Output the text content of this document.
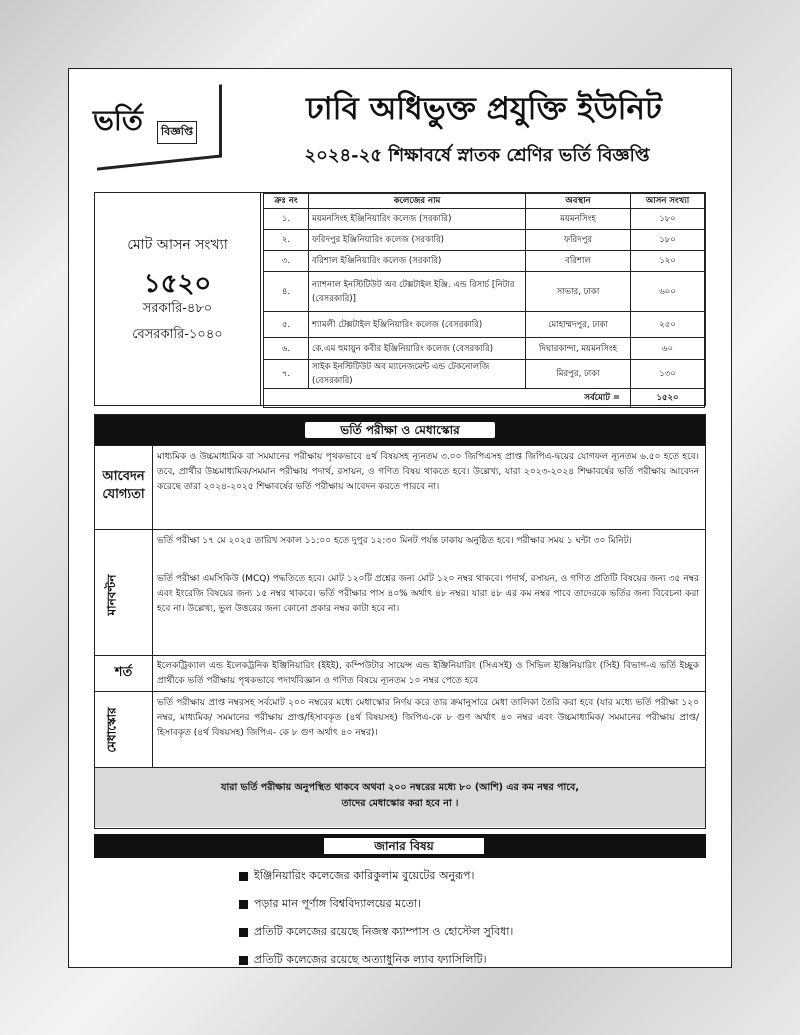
ভর্তি	বিজ্ঞপ্তি
ঢাবি অধিভুক্ত প্রযুক্তি ইউনিট
২০২৪-২৫ শিক্ষাবর্ষে স্নাতক শ্রেণির ভর্তি বিজ্ঞপ্তি
মোট আসন সংখ্যা
১৫২০
সরকারি-৪৮০
বেসরকারি-১০৪০
ক্রঃ নং	কলেজের নাম	অবস্থান	আসন সংখ্যা
১.	ময়মনসিংহ ইঞ্জিনিয়ারিং কলেজ (সরকারি)	ময়মনসিংহ	১৮০
২.	ফরিদপুর ইঞ্জিনিয়ারিং কলেজ (সরকারি)	ফরিদপুর	১৮০
৩.	বরিশাল ইঞ্জিনিয়ারিং কলেজ (সরকারি)	বরিশাল	১২০
৪.	ন্যাশনাল ইনস্টিটিউট অব টেক্সটাইল ইঞ্জি. এন্ড রিসার্চ [নিটার (বেসরকারি)]	সাভার, ঢাকা	৬০০
৫.	শ্যামলী টেক্সটাইল ইঞ্জিনিয়ারিং কলেজ (বেসরকারি)	মোহাম্মদপুর, ঢাকা	২৫০
৬.	কে.এম হুমায়ুন কবীর ইঞ্জিনিয়ারিং কলেজ (বেসরকারি)	দিঘারকান্দা, ময়মনসিংহ	৬০
৭.	সাইক ইনস্টিটিউট অব ম্যানেজমেন্ট এন্ড টেকনোলজি (বেসরকারি)	মিরপুর, ঢাকা	১৩০
সর্বমোট =			১৫২০
ভর্তি পরীক্ষা ও মেধাস্কোর
আবেদন যোগ্যতা
মাধ্যমিক ও উচ্চমাধ্যমিক বা সমমানের পরীক্ষায় পৃথকভাবে ৪র্থ বিষয়সহ ন্যূনতম ৩.০০ জিপিএসহ প্রাপ্ত জিপিএ-দ্বয়ের যোগফল ন্যূনতম ৬.৫০ হতে হবে। তবে, প্রার্থীর উচ্চমাধ্যমিক/সমমান পরীক্ষায় পদার্থ, রসায়ন, ও গণিত বিষয় থাকতে হবে। উল্লেখ্য, যারা ২০২৩-২০২৪ শিক্ষাবর্ষের ভর্তি পরীক্ষায় আবেদন করেছে তারা ২০২৪-২০২৫ শিক্ষাবর্ষের ভর্তি পরীক্ষায় আবেদন করতে পারবে না।
মানবণ্টন
ভর্তি পরীক্ষা ১৭ মে ২০২৫ তারিখ সকাল ১১:০০ হতে দুপুর ১২:৩০ মিনট পর্যন্ত ঢাকায় অনুষ্ঠিত হবে। পরীক্ষার সময় ১ ঘন্টা ৩০ মিনিট।
ভর্তি পরীক্ষা এমসিকিউ (MCQ) পদ্ধতিতে হবে। মোট ১২০টি প্রশ্নের জন্য মোট ১২০ নম্বর থাকবে। পদার্থ, রসায়ন, ও গণিত প্রতিটি বিষয়ের জন্য ৩৫ নম্বর এবং ইংরেজি বিষয়ের জন্য ১৫ নম্বর থাকবে। ভর্তি পরীক্ষার পাস ৪০% অর্থাৎ ৪৮ নম্বর। যারা ৪৮ এর কম নম্বর পাবে তাদেরকে ভর্তির জন্য বিবেচনা করা হবে না। উল্লেখ্য, ভুল উত্তরের জন্য কোনো প্রকার নম্বর কাটা হবে না।
শর্ত	ইলেকট্রিক্যাল এন্ড ইলেকট্রনিক ইঞ্জিনিয়ারিং (ইইই), কম্পিউটার সায়েন্স এন্ড ইঞ্জিনিয়ারিং (সিএসই) ও সিভিল ইঞ্জিনিয়ারিং (সিই) বিভাগ-এ ভর্তি ইচ্ছুক প্রার্থীকে ভর্তি পরীক্ষায় পৃথকভাবে পদার্থবিজ্ঞান ও গণিত বিষয়ে ন্যূনতম ১০ নম্বর পেতে হবে
মেধাস্কোর
ভর্তি পরীক্ষায় প্রাপ্ত নম্বরসহ সর্বমোট ২০০ নম্বরের মধ্যে মেধাস্কোর নির্ণয় করে তার ক্রমানুসারে মেধা তালিকা তৈরি করা হবে (যার মধ্যে ভর্তি পরীক্ষা ১২০ নম্বর, মাধ্যমিক/ সমমানের পরীক্ষায় প্রাপ্ত/হিসাবকৃত (৪র্থ বিষয়সহ) জিপিএ-কে ৮ গুণ অর্থাৎ ৪০ নম্বর এবং উচ্চমাধ্যমিক/ সমমানের পরীক্ষায় প্রাপ্ত/হিসাবকৃত (৪র্থ বিষয়সহ) জিপিএ- কে ৮ গুণ অর্থাৎ ৪০ নম্বর)।
যারা ভর্তি পরীক্ষায় অনুপস্থিত থাকবে অথবা ২০০ নম্বরের মধ্যে ৮০ (আশি) এর কম নম্বর পাবে,
তাদের মেধাস্কোর করা হবে না ।
জানার বিষয়
ইঞ্জিনিয়ারিং কলেজের কারিকুলাম বুয়েটের অনুরূপ।
পড়ার মান পূর্ণাঙ্গ বিশ্ববিদ্যালয়ের মতো।
প্রতিটি কলেজের রয়েছে নিজস্ব ক্যাম্পাস ও হোস্টেল সুবিধা।
প্রতিটি কলেজের রয়েছে অত্যাধুনিক ল্যাব ফ্যাসিলিটি।
